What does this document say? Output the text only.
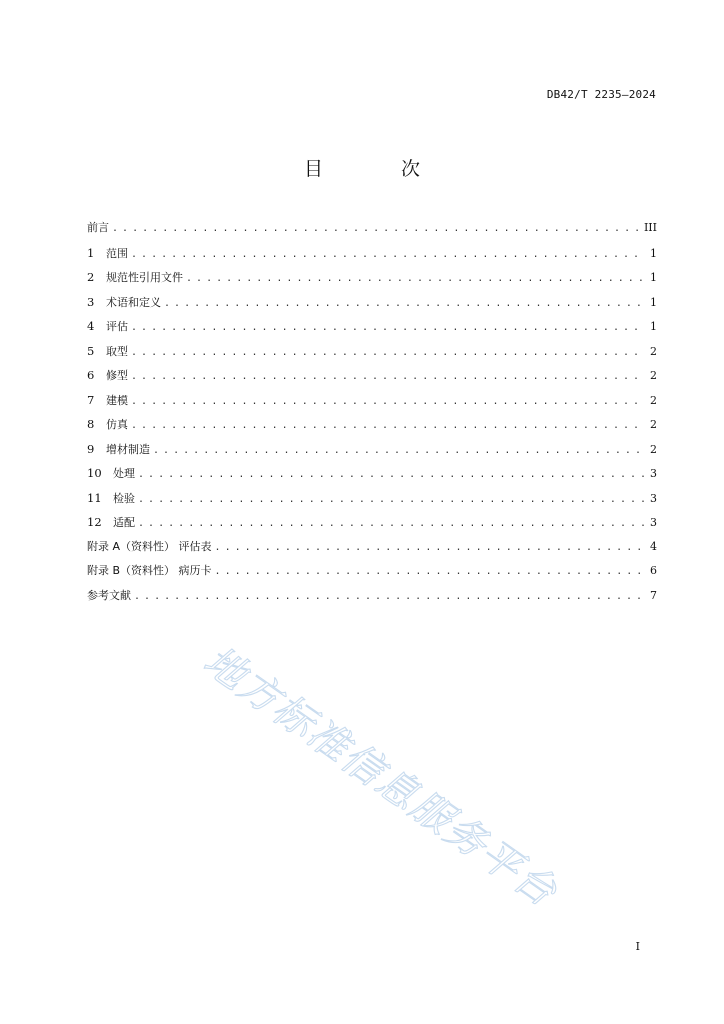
DB42/T 2235—2024
目 次
前言 . . .	III
1	范围 . . .	1
2	规范性引用文件 . . .	1
3	术语和定义 . . .	1
4	评估 . . .	1
5	取型 . . .	2
6	修型 . . .	2
7	建模 . . .	2
8	仿真 . . .	2
9	增材制造 . . .	2
10	处理 . . .	3
11	检验 . . .	3
12	适配 . . .	3
附录 A（资料性） 评估表 . . .	4
附录 B（资料性） 病历卡 . . .	6
参考文献 . . .	7
地方标准信息服务平台
I
